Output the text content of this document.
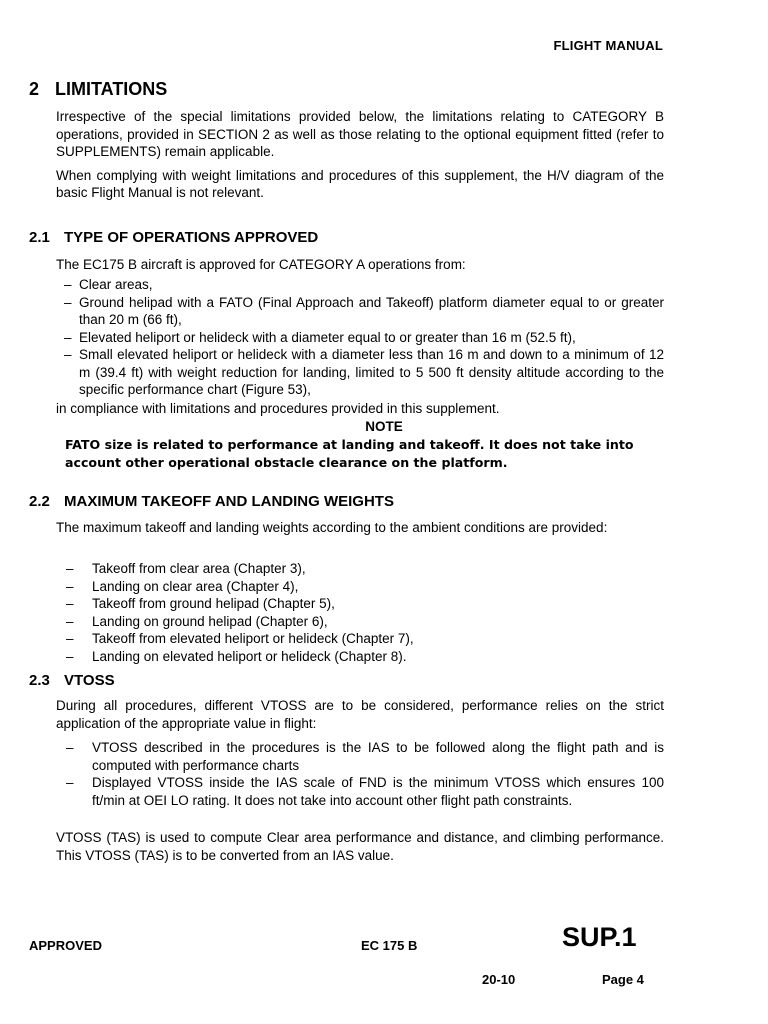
FLIGHT MANUAL
2 LIMITATIONS

Irrespective of the special limitations provided below, the limitations relating to CATEGORY B operations, provided in SECTION 2 as well as those relating to the optional equipment fitted (refer to SUPPLEMENTS) remain applicable.

When complying with weight limitations and procedures of this supplement, the H/V diagram of the basic Flight Manual is not relevant.

2.1 TYPE OF OPERATIONS APPROVED
The EC175 B aircraft is approved for CATEGORY A operations from:
– Clear areas,
– Ground helipad with a FATO (Final Approach and Takeoff) platform diameter equal to or greater than 20 m (66 ft),
– Elevated heliport or helideck with a diameter equal to or greater than 16 m (52.5 ft),
– Small elevated heliport or helideck with a diameter less than 16 m and down to a minimum of 12 m (39.4 ft) with weight reduction for landing, limited to 5 500 ft density altitude according to the specific performance chart (Figure 53),
in compliance with limitations and procedures provided in this supplement.
NOTE
FATO size is related to performance at landing and takeoff. It does not take into account other operational obstacle clearance on the platform.
2.2 MAXIMUM TAKEOFF AND LANDING WEIGHTS
The maximum takeoff and landing weights according to the ambient conditions are provided:
– Takeoff from clear area (Chapter 3),
– Landing on clear area (Chapter 4),
– Takeoff from ground helipad (Chapter 5),
– Landing on ground helipad (Chapter 6),
– Takeoff from elevated heliport or helideck (Chapter 7),
– Landing on elevated heliport or helideck (Chapter 8).
2.3 VTOSS
During all procedures, different VTOSS are to be considered, performance relies on the strict application of the appropriate value in flight:
– VTOSS described in the procedures is the IAS to be followed along the flight path and is computed with performance charts
– Displayed VTOSS inside the IAS scale of FND is the minimum VTOSS which ensures 100 ft/min at OEI LO rating. It does not take into account other flight path constraints.
VTOSS (TAS) is used to compute Clear area performance and distance, and climbing performance. This VTOSS (TAS) is to be converted from an IAS value.
APPROVED	EC 175 B	SUP.1
20-10	Page 4
